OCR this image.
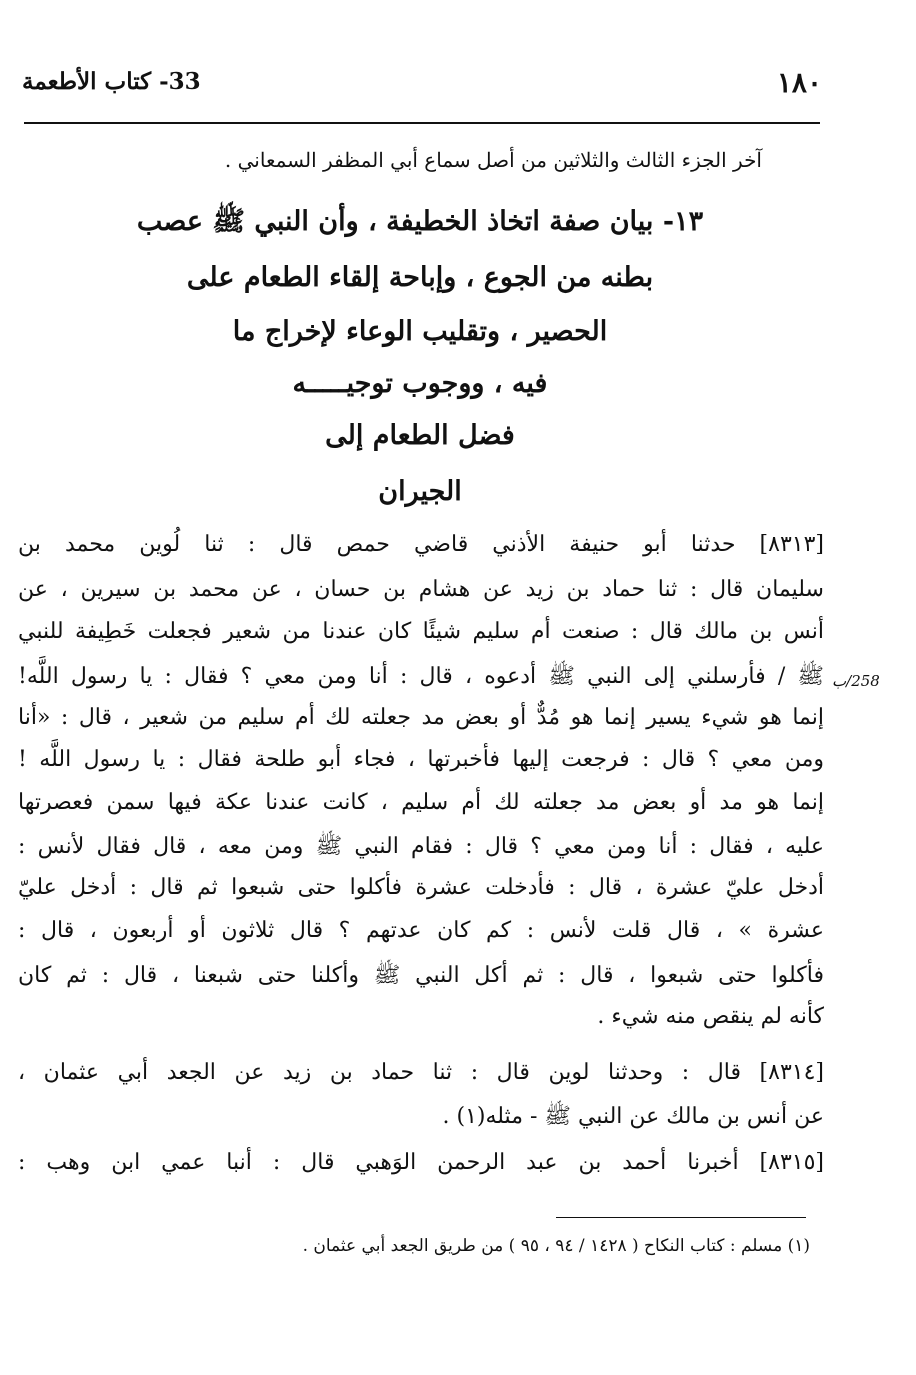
33- كتاب الأطعمة	١٨٠
آخر الجزء الثالث والثلاثين من أصل سماع أبي المظفر السمعاني .
١٣- بيان صفة اتخاذ الخطيفة ، وأن النبي ﷺ عصب
بطنه من الجوع ، وإباحة إلقاء الطعام على
الحصير ، وتقليب الوعاء لإخراج ما
فيه ، ووجوب توجيـــــه
فضل الطعام إلى
الجيران
258/ب
[٨٣١٣] حدثنا أبو حنيفة الأذني قاضي حمص قال : ثنا لُوين محمد بن
سليمان قال : ثنا حماد بن زيد عن هشام بن حسان ، عن محمد بن سيرين ، عن
أنس بن مالك قال : صنعت أم سليم شيئًا كان عندنا من شعير فجعلت خَطِيفة للنبي
ﷺ / فأرسلني إلى النبي ﷺ أدعوه ، قال : أنا ومن معي ؟ فقال : يا رسول اللَّه!
إنما هو شيء يسير إنما هو مُدٌّ أو بعض مد جعلته لك أم سليم من شعير ، قال : «أنا
ومن معي ؟ قال : فرجعت إليها فأخبرتها ، فجاء أبو طلحة فقال : يا رسول اللَّه !
إنما هو مد أو بعض مد جعلته لك أم سليم ، كانت عندنا عكة فيها سمن فعصرتها
عليه ، فقال : أنا ومن معي ؟ قال : فقام النبي ﷺ ومن معه ، قال فقال لأنس :
أدخل عليّ عشرة ، قال : فأدخلت عشرة فأكلوا حتى شبعوا ثم قال : أدخل عليّ
عشرة » ، قال قلت لأنس : كم كان عدتهم ؟ قال ثلاثون أو أربعون ، قال :
فأكلوا حتى شبعوا ، قال : ثم أكل النبي ﷺ وأكلنا حتى شبعنا ، قال : ثم كان
كأنه لم ينقص منه شيء .
[٨٣١٤] قال : وحدثنا لوين قال : ثنا حماد بن زيد عن الجعد أبي عثمان ،
عن أنس بن مالك عن النبي ﷺ - مثله(١) .
[٨٣١٥] أخبرنا أحمد بن عبد الرحمن الوَهبي قال : أنبا عمي ابن وهب :
(١) مسلم : كتاب النكاح ( ١٤٢٨ / ٩٤ ، ٩٥ ) من طريق الجعد أبي عثمان .
